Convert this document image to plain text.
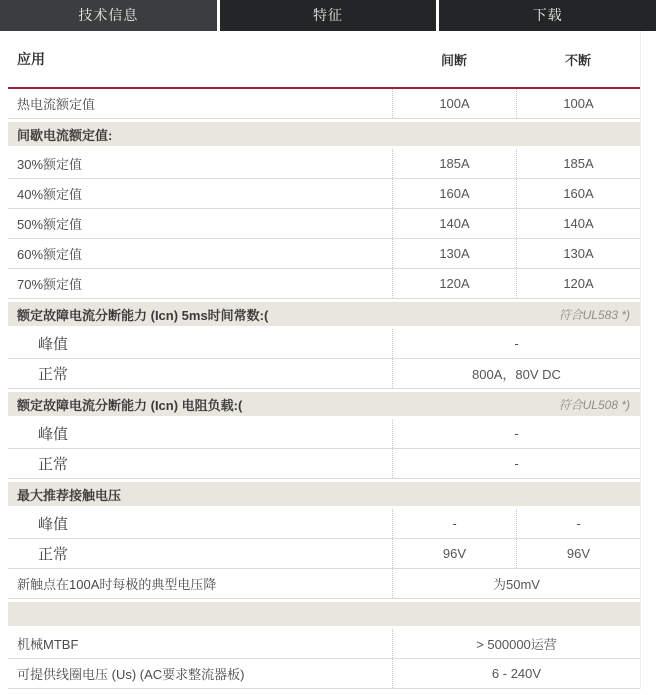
技术信息	特征	下载
应用	间断	不断
热电流额定值	100A	100A
间歇电流额定值:
30%额定值	185A	185A
40%额定值	160A	160A
50%额定值	140A	140A
60%额定值	130A	130A
70%额定值	120A	120A
额定故障电流分断能力 (Icn) 5ms时间常数:(	符合UL583 *)
峰值	-
正常	800A，80V DC
额定故障电流分断能力 (Icn) 电阻负载:(	符合UL508 *)
峰值	-
正常	-
最大推荐接触电压
峰值	-	-
正常	96V	96V
新触点在100A时每极的典型电压降	为50mV
机械MTBF	> 500000运营
可提供线圈电压 (Us) (AC要求整流器板)	6 - 240V
